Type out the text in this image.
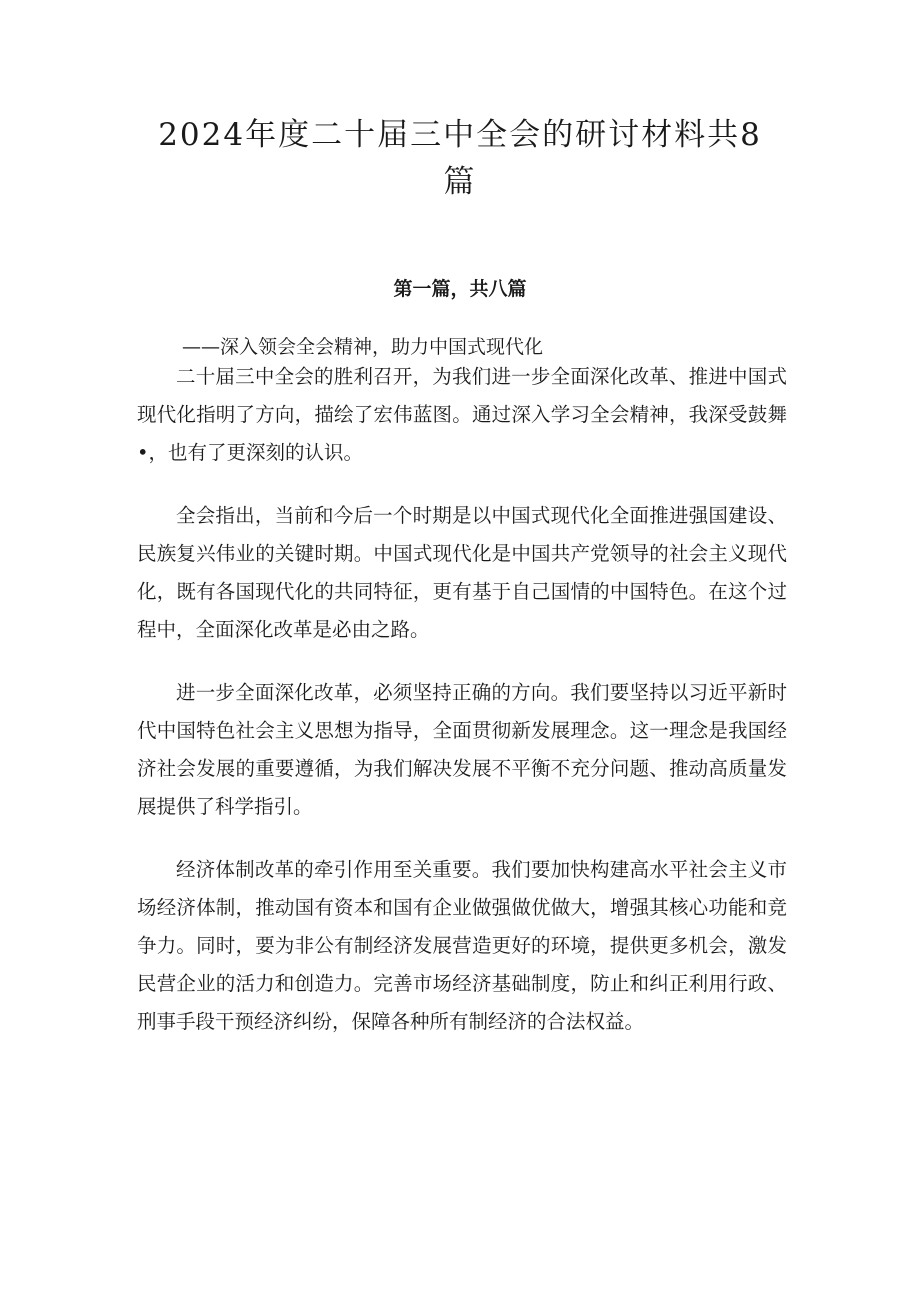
2024年度二十届三中全会的研讨材料共8篇
第一篇，共八篇

——深入领会全会精神，助力中国式现代化

二十届三中全会的胜利召开，为我们进一步全面深化改革、推进中国式现代化指明了方向，描绘了宏伟蓝图。通过深入学习全会精神，我深受鼓舞•，也有了更深刻的认识。

全会指出，当前和今后一个时期是以中国式现代化全面推进强国建设、民族复兴伟业的关键时期。中国式现代化是中国共产党领导的社会主义现代化，既有各国现代化的共同特征，更有基于自己国情的中国特色。在这个过程中，全面深化改革是必由之路。

进一步全面深化改革，必须坚持正确的方向。我们要坚持以习近平新时代中国特色社会主义思想为指导，全面贯彻新发展理念。这一理念是我国经济社会发展的重要遵循，为我们解决发展不平衡不充分问题、推动高质量发展提供了科学指引。

经济体制改革的牵引作用至关重要。我们要加快构建高水平社会主义市场经济体制，推动国有资本和国有企业做强做优做大，增强其核心功能和竞争力。同时，要为非公有制经济发展营造更好的环境，提供更多机会，激发民营企业的活力和创造力。完善市场经济基础制度，防止和纠正利用行政、刑事手段干预经济纠纷，保障各种所有制经济的合法权益。
